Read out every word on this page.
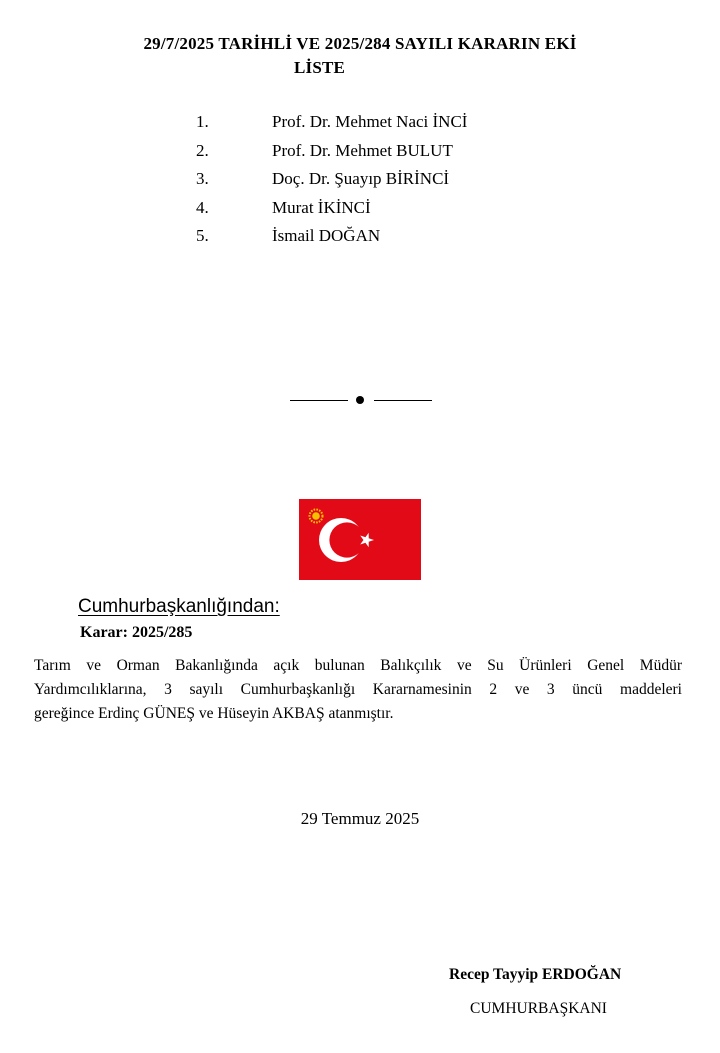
29/7/2025 TARİHLİ VE 2025/284 SAYILI KARARIN EKİ
LİSTE
1.	Prof. Dr. Mehmet Naci İNCİ
2.	Prof. Dr. Mehmet BULUT
3.	Doç. Dr. Şuayıp BİRİNCİ
4.	Murat İKİNCİ
5.	İsmail DOĞAN
Cumhurbaşkanlığından:
Karar: 2025/285
Tarım ve Orman Bakanlığında açık bulunan Balıkçılık ve Su Ürünleri Genel Müdür
Yardımcılıklarına, 3 sayılı Cumhurbaşkanlığı Kararnamesinin 2 ve 3 üncü maddeleri
gereğince Erdinç GÜNEŞ ve Hüseyin AKBAŞ atanmıştır.
29 Temmuz 2025
Recep Tayyip ERDOĞAN
CUMHURBAŞKANI
